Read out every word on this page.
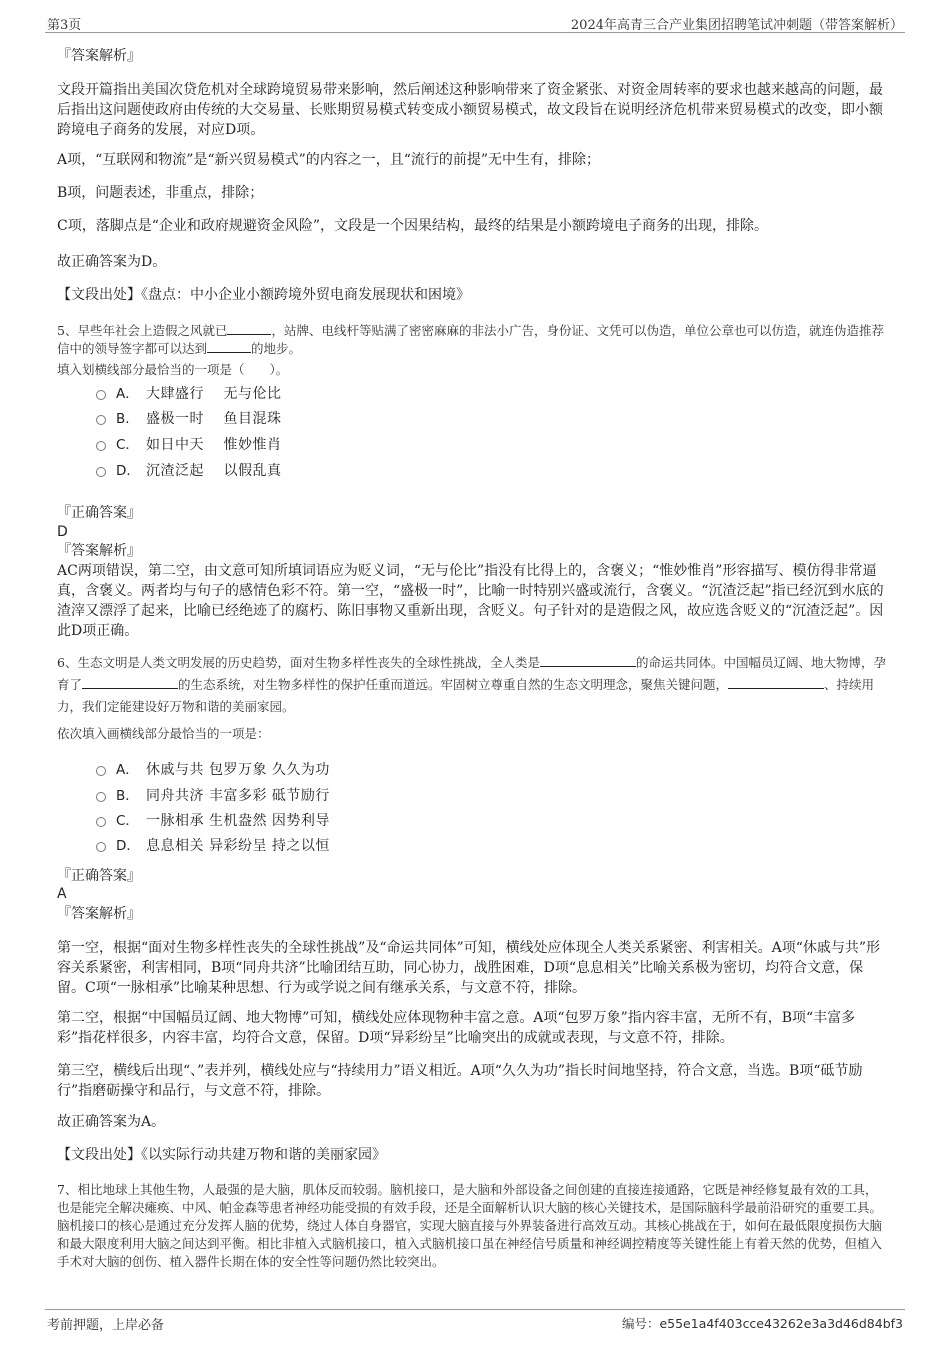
第3页	2024年高青三合产业集团招聘笔试冲刺题（带答案解析）
『答案解析』

文段开篇指出美国次贷危机对全球跨境贸易带来影响，然后阐述这种影响带来了资金紧张、对资金周转率的要求也越来越高的问题，最后指出这问题使政府由传统的大交易量、长账期贸易模式转变成小额贸易模式，故文段旨在说明经济危机带来贸易模式的改变，即小额跨境电子商务的发展，对应D项。

A项，“互联网和物流”是“新兴贸易模式”的内容之一，且“流行的前提”无中生有，排除；

B项，问题表述，非重点，排除；

C项，落脚点是“企业和政府规避资金风险”，文段是一个因果结构，最终的结果是小额跨境电子商务的出现，排除。

故正确答案为D。

【文段出处】《盘点：中小企业小额跨境外贸电商发展现状和困境》

5、早些年社会上造假之风就已	，站牌、电线杆等贴满了密密麻麻的非法小广告，身份证、文凭可以伪造，单位公章也可以仿造，就连伪造推荐信中的领导签字都可以达到	的地步。

填入划横线部分最恰当的一项是（　　）。

A． 大肆盛行　 无与伦比
B． 盛极一时　 鱼目混珠
C． 如日中天　 惟妙惟肖
D． 沉渣泛起　 以假乱真
『正确答案』
D
『答案解析』

AC两项错误，第二空，由文意可知所填词语应为贬义词，“无与伦比”指没有比得上的，含褒义；“惟妙惟肖”形容描写、模仿得非常逼真，含褒义。两者均与句子的感情色彩不符。第一空，“盛极一时”，比喻一时特别兴盛或流行，含褒义。“沉渣泛起”指已经沉到水底的渣滓又漂浮了起来，比喻已经绝迹了的腐朽、陈旧事物又重新出现，含贬义。句子针对的是造假之风，故应选含贬义的“沉渣泛起”。因此D项正确。

6、生态文明是人类文明发展的历史趋势，面对生物多样性丧失的全球性挑战，全人类是	的命运共同体。中国幅员辽阔、地大物博，孕育了	的生态系统，对生物多样性的保护任重而道远。牢固树立尊重自然的生态文明理念，聚焦关键问题，	、持续用力，我们定能建设好万物和谐的美丽家园。

依次填入画横线部分最恰当的一项是：

A． 休戚与共 包罗万象 久久为功
B． 同舟共济 丰富多彩 砥节励行
C． 一脉相承 生机盎然 因势利导
D． 息息相关 异彩纷呈 持之以恒
『正确答案』
A
『答案解析』

第一空，根据“面对生物多样性丧失的全球性挑战”及“命运共同体”可知，横线处应体现全人类关系紧密、利害相关。A项“休戚与共”形容关系紧密，利害相同，B项“同舟共济”比喻团结互助，同心协力，战胜困难，D项“息息相关”比喻关系极为密切，均符合文意，保留。C项“一脉相承”比喻某种思想、行为或学说之间有继承关系，与文意不符，排除。

第二空，根据“中国幅员辽阔、地大物博”可知，横线处应体现物种丰富之意。A项“包罗万象”指内容丰富，无所不有，B项“丰富多彩”指花样很多，内容丰富，均符合文意，保留。D项“异彩纷呈”比喻突出的成就或表现，与文意不符，排除。

第三空，横线后出现“、”表并列，横线处应与“持续用力”语义相近。A项“久久为功”指长时间地坚持，符合文意，当选。B项“砥节励行”指磨砺操守和品行，与文意不符，排除。

故正确答案为A。

【文段出处】《以实际行动共建万物和谐的美丽家园》

7、相比地球上其他生物，人最强的是大脑，肌体反而较弱。脑机接口，是大脑和外部设备之间创建的直接连接通路，它既是神经修复最有效的工具，也是能完全解决瘫痪、中风、帕金森等患者神经功能受损的有效手段，还是全面解析认识大脑的核心关键技术，是国际脑科学最前沿研究的重要工具。脑机接口的核心是通过充分发挥人脑的优势，绕过人体自身器官，实现大脑直接与外界装备进行高效互动。其核心挑战在于，如何在最低限度损伤大脑和最大限度利用大脑之间达到平衡。相比非植入式脑机接口，植入式脑机接口虽在神经信号质量和神经调控精度等关键性能上有着天然的优势，但植入手术对大脑的创伤、植入器件长期在体的安全性等问题仍然比较突出。

考前押题，上岸必备	编号：e55e1a4f403cce43262e3a3d46d84bf3
